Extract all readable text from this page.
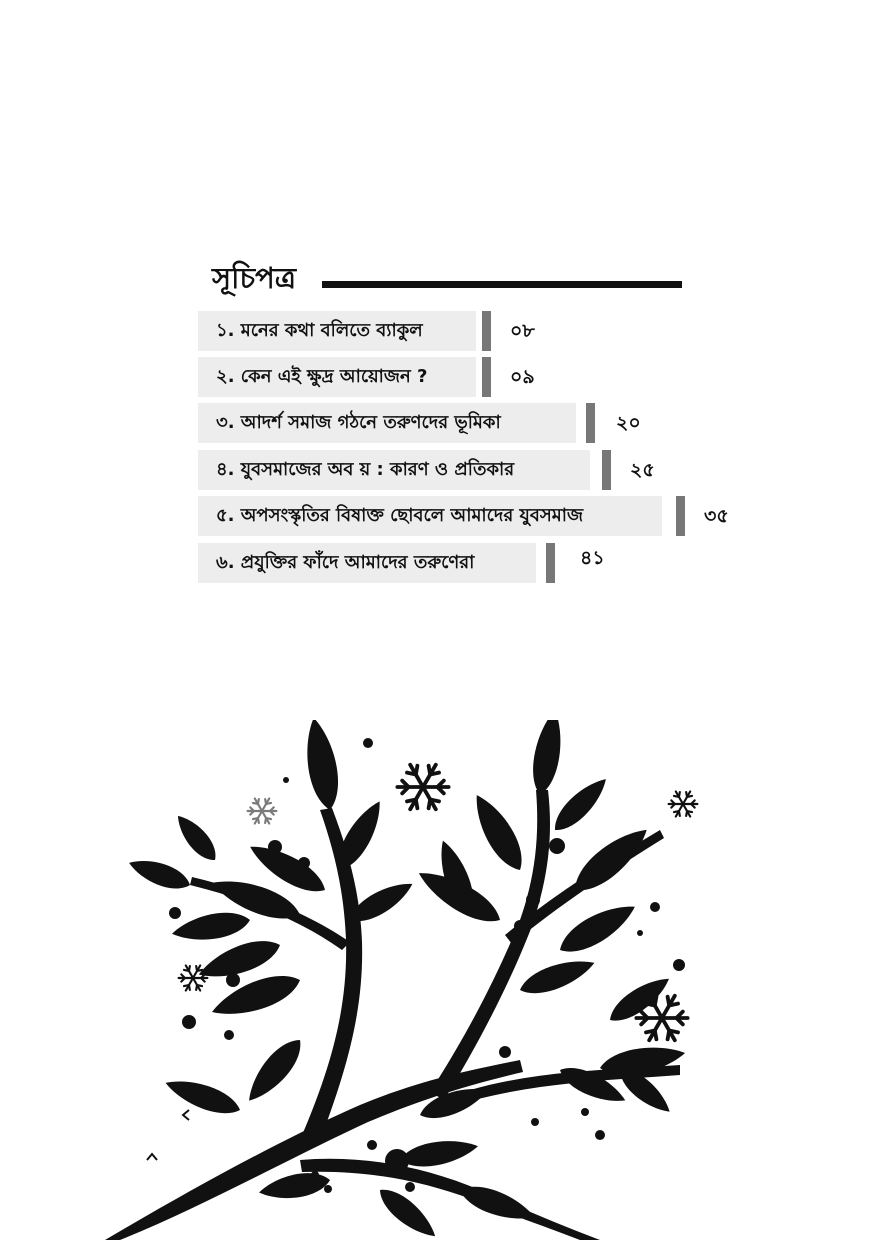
সূচিপত্র
১. মনের কথা বলিতে ব্যাকুল	০৮
২. কেন এই ক্ষুদ্র আয়োজন ?	০৯
৩. আদর্শ সমাজ গঠনে তরুণদের ভূমিকা	২০
৪. যুবসমাজের অব য় : কারণ ও প্রতিকার	২৫
৫. অপসংস্কৃতির বিষাক্ত ছোবলে আমাদের যুবসমাজ	৩৫
৬. প্রযুক্তির ফাঁদে আমাদের তরুণেরা	৪১
